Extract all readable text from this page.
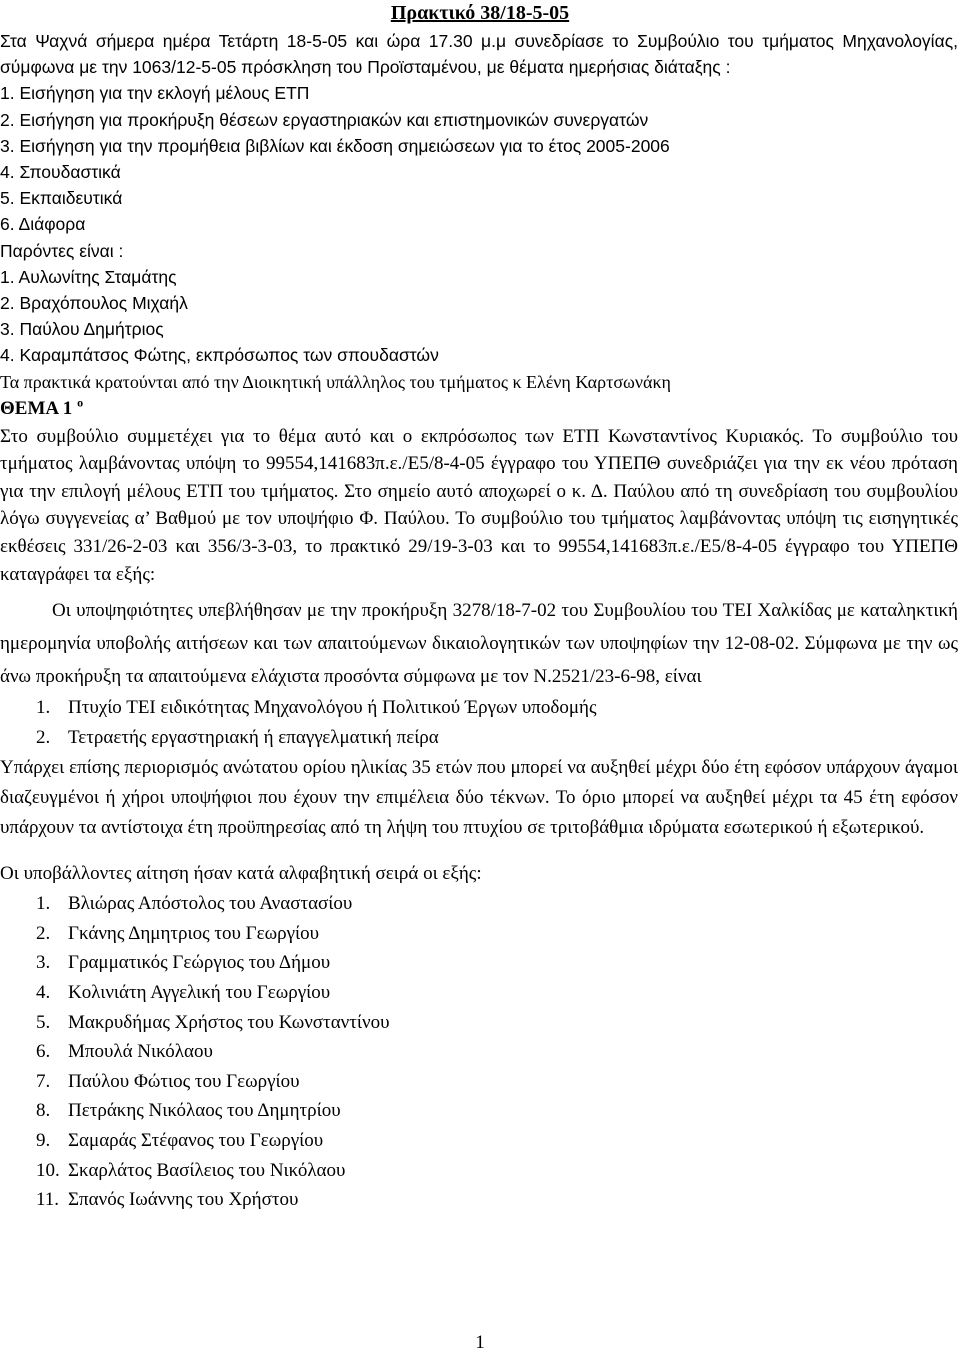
Πρακτικό 38/18-5-05

Στα Ψαχνά σήμερα ημέρα Τετάρτη 18-5-05 και ώρα 17.30 μ.μ συνεδρίασε το Συμβούλιο του τμήματος Μηχανολογίας, σύμφωνα με την 1063/12-5-05 πρόσκληση του Προϊσταμένου, με θέματα ημερήσιας διάταξης :

1. Εισήγηση για την εκλογή μέλους ΕΤΠ
2. Εισήγηση για προκήρυξη θέσεων εργαστηριακών και επιστημονικών συνεργατών
3. Εισήγηση για την προμήθεια βιβλίων και έκδοση σημειώσεων για το έτος 2005-2006
4. Σπουδαστικά
5. Εκπαιδευτικά
6. Διάφορα

Παρόντες είναι :

1. Αυλωνίτης Σταμάτης
2. Βραχόπουλος Μιχαήλ
3. Παύλου Δημήτριος
4. Καραμπάτσος Φώτης, εκπρόσωπος των σπουδαστών

Τα πρακτικά κρατούνται από την Διοικητική υπάλληλος του τμήματος κ Ελένη Καρτσωνάκη

ΘΕΜΑ 1 $^o$

Στο συμβούλιο συμμετέχει για το θέμα αυτό και ο εκπρόσωπος των ΕΤΠ Κωνσταντίνος Κυριακός. Το συμβούλιο του τμήματος λαμβάνοντας υπόψη το 99554,141683π.ε./Ε5/8-4-05 έγγραφο του ΥΠΕΠΘ συνεδριάζει για την εκ νέου πρόταση για την επιλογή μέλους ΕΤΠ του τμήματος. Στο σημείο αυτό αποχωρεί ο κ. Δ. Παύλου από τη συνεδρίαση του συμβουλίου λόγω συγγενείας α’ Βαθμού με τον υποψήφιο Φ. Παύλου. Το συμβούλιο του τμήματος λαμβάνοντας υπόψη τις εισηγητικές εκθέσεις 331/26-2-03 και 356/3-3-03, το πρακτικό 29/19-3-03 και το 99554,141683π.ε./Ε5/8-4-05 έγγραφο του ΥΠΕΠΘ καταγράφει τα εξής:

Οι υποψηφιότητες υπεβλήθησαν με την προκήρυξη 3278/18-7-02 του Συμβουλίου του ΤΕΙ Χαλκίδας με καταληκτική ημερομηνία υποβολής αιτήσεων και των απαιτούμενων δικαιολογητικών των υποψηφίων την 12-08-02. Σύμφωνα με την ως άνω προκήρυξη τα απαιτούμενα ελάχιστα προσόντα σύμφωνα με τον Ν.2521/23-6-98, είναι

1. Πτυχίο ΤΕΙ ειδικότητας Μηχανολόγου ή Πολιτικού Έργων υποδομής
2. Τετραετής εργαστηριακή ή επαγγελματική πείρα

Υπάρχει επίσης περιορισμός ανώτατου ορίου ηλικίας 35 ετών που μπορεί να αυξηθεί μέχρι δύο έτη εφόσον υπάρχουν άγαμοι διαζευγμένοι ή χήροι υποψήφιοι που έχουν την επιμέλεια δύο τέκνων. Το όριο μπορεί να αυξηθεί μέχρι τα 45 έτη εφόσον υπάρχουν τα αντίστοιχα έτη προϋπηρεσίας από τη λήψη του πτυχίου σε τριτοβάθμια ιδρύματα εσωτερικού ή εξωτερικού.

Οι υποβάλλοντες αίτηση ήσαν κατά αλφαβητική σειρά οι εξής:

1. Βλιώρας Απόστολος του Αναστασίου
2. Γκάνης Δημητριος του Γεωργίου
3. Γραμματικός Γεώργιος του Δήμου
4. Κολινιάτη Αγγελική του Γεωργίου
5. Μακρυδήμας Χρήστος του Κωνσταντίνου
6. Μπουλά Νικόλαου
7. Παύλου Φώτιος του Γεωργίου
8. Πετράκης Νικόλαος του Δημητρίου
9. Σαμαράς Στέφανος του Γεωργίου
10. Σκαρλάτος Βασίλειος του Νικόλαου
11. Σπανός Ιωάννης του Χρήστου
1
